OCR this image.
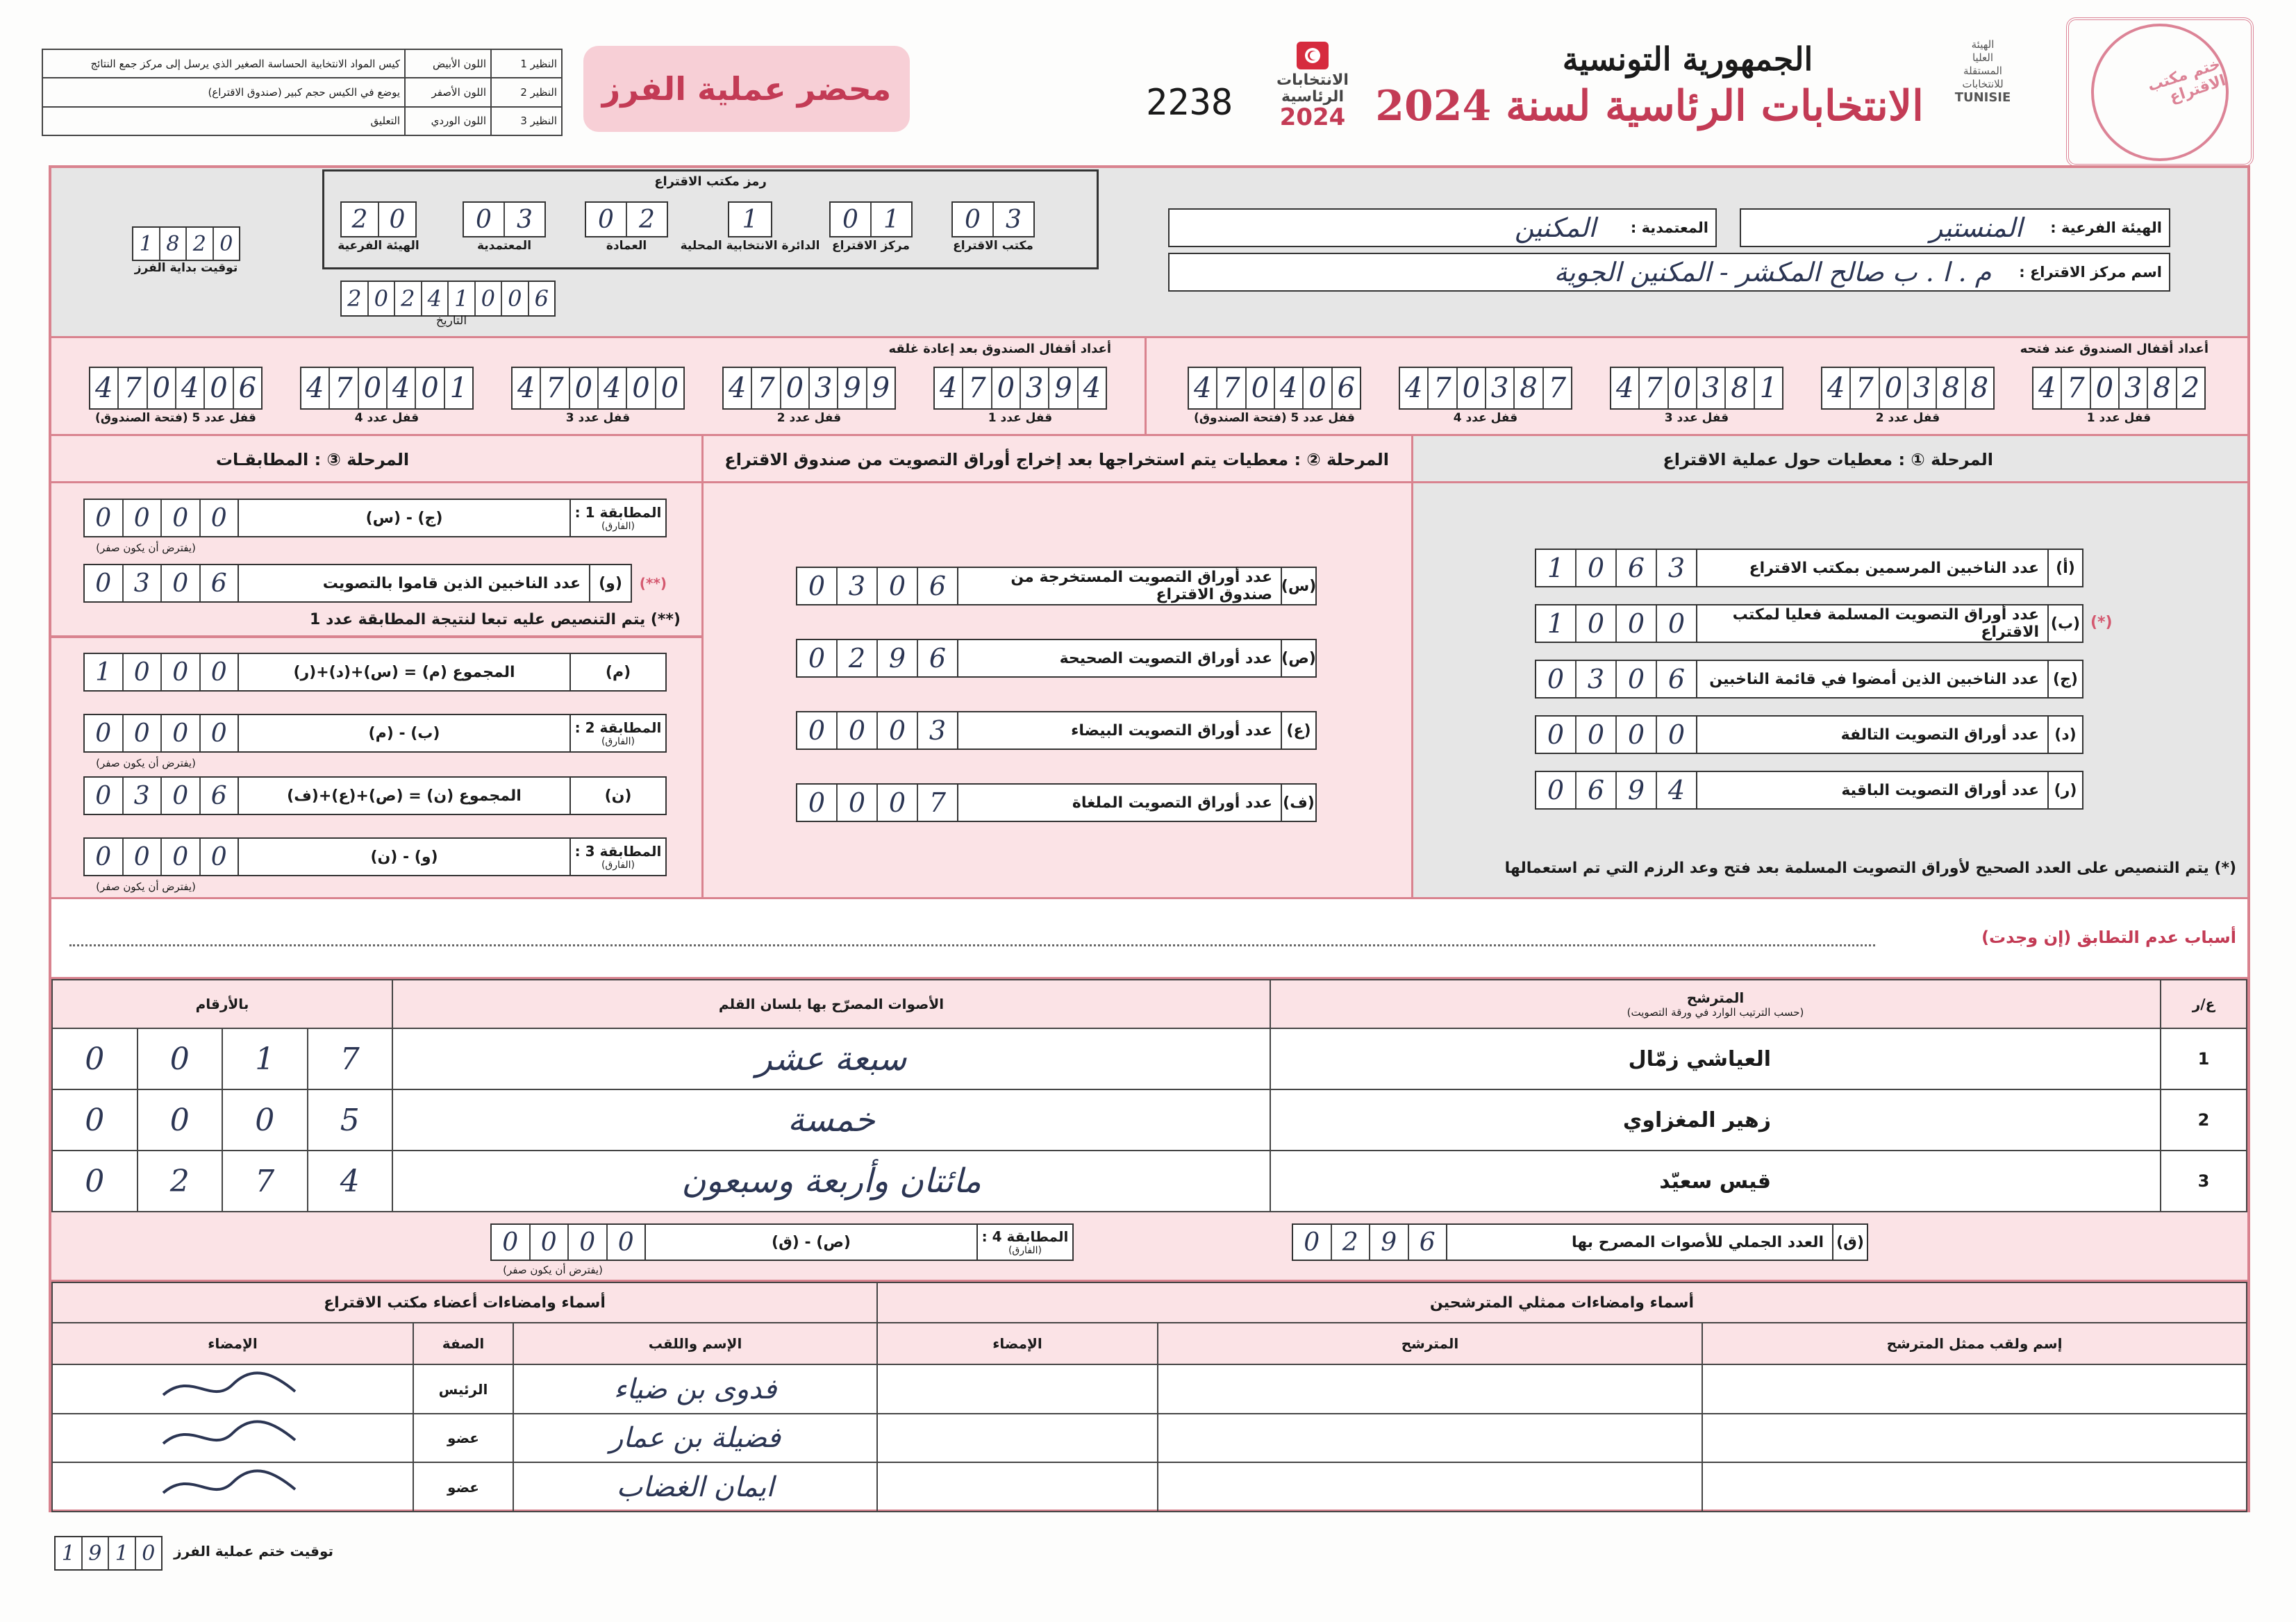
النظير 1	اللون الأبيض	كيس المواد الانتخابية الحساسة الصغير الذي يرسل إلى مركز جمع النتائج
النظير 2	اللون الأصفر	يوضع في الكيس حجم كبير (صندوق الاقتراع)
النظير 3	اللون الوردي	التعليق
محضر عملية الفرز	2238
الانتخابات
الرئاسية
2024
الجمهورية التونسية
الانتخابات الرئاسية لسنة 2024
الهيئة
العليا
المستقلة
للانتخابات
TUNISIE
ختم مكتب الاقتراع
الهيئة الفرعية :
المنستير
المعتمدية :
المكنين
اسم مركز الاقتراع :
م . ا . ب صالح المكشر - المكنين الجوية
رمز مكتب الاقتراع
2 0
الهيئة الفرعية
0	3
المعتمدية
0	2
العمادة
1
الدائرة الانتخابية المحلية
0	1
مركز الاقتراع
0	3
مكتب الاقتراع
2 0 2 4 1 0 0 6
التاريخ
1 8 2 0
توقيت بداية الفرز
أعداد أقفال الصندوق عند فتحه
أعداد أقفال الصندوق بعد إعادة غلقه
4 7 0 3 8 2
قفل عدد 1
4 7 0 3 8 8
قفل عدد 2
4 7 0 3 8 1
قفل عدد 3
4 7 0 3 8 7
قفل عدد 4
4 7 0 4 0 6
قفل عدد 5 (فتحة الصندوق)
4 7 0 3 9 4
قفل عدد 1
4 7 0 3 9 9
قفل عدد 2
4 7 0 4 0 0
قفل عدد 3
4 7 0 4 0 1
قفل عدد 4
4 7 0 4 0 6
قفل عدد 5 (فتحة الصندوق)
المرحلة ① : معطيات حول عملية الاقتراع
المرحلة ② : معطيات يتم استخراجها بعد إخراج أوراق التصويت من صندوق الاقتراع
المرحلة ③ : المطابقـات
(أ)
عدد الناخبين المرسمين بمكتب الاقتراع
1 0 6 3
(ب)
عدد أوراق التصويت المسلمة فعليا لمكتب الاقتراع
1 0 0 0
(ج)
عدد الناخبين الذين أمضوا في قائمة الناخبين
0 3 0 6
(د)
عدد أوراق التصويت التالفة
0 0 0 0
(ر)
عدد أوراق التصويت الباقية
0 6 9 4
(*) يتم التنصيص على العدد الصحيح لأوراق التصويت المسلمة بعد فتح وعد الرزم التي تم استعمالها
(س)
عدد أوراق التصويت المستخرجة من صندوق الاقتراع
0 3 0 6
(ص)
عدد أوراق التصويت الصحيحة
0 2 9 6
(ع)
عدد أوراق التصويت البيضاء
0 0 0 3
(ف)
عدد أوراق التصويت الملغاة
0 0 0 7
المطابقة 1 :
(الفارق)
(ج) - (س)
0 0 0 0
(يفترض أن يكون صفر)
(**)
(و)
عدد الناخبين الذين قاموا بالتصويت
0 3 0 6
(**) يتم التنصيص عليه تبعا لنتيجة المطابقة عدد 1
(م)
المجموع (م) = (س)+(د)+(ر)
1 0 0 0
المطابقة 2 :
(الفارق)
(ب) - (م)
0 0 0 0
(يفترض أن يكون صفر)
(ن)
المجموع (ن) = (ص)+(ع)+(ف)
0 3 0 6
المطابقة 3 :
(الفارق)
(و) - (ن)
0 0 0 0
(يفترض أن يكون صفر)
أسباب عدم التطابق (إن وجدت)
ع/ر	المترشح
(حسب الترتيب الوارد في ورقة التصويت)	الأصوات المصرّح بها بلسان القلم	بالأرقام
1	العياشي زمّال	سبعة عشر	0 0 1 7

2	زهير المغزاوي	خمسة	0 0 0 5

3	قيس سعيّد	مائتان وأربعة وسبعون	0 2 7 4
(ق)
العدد الجملي للأصوات المصرح بها
0 2 9 6
المطابقة 4 :
(الفارق)
(ص) - (ق)
0 0 0 0
(يفترض أن يكون صفر)
أسماء وامضاءات ممثلي المترشحين			أسماء وامضاءات أعضاء مكتب الاقتراع		
إسم ولقب ممثل المترشح	المترشح	الإمضاء	الإسم واللقب	الصفة	الإمضاء
			فدوى بن ضياء	الرئيس	
			فضيلة بن عمار	عضو	
			ايمان الغضاب	عضو	
1 9 1 0	توقيت ختم عملية الفرز
(*)
